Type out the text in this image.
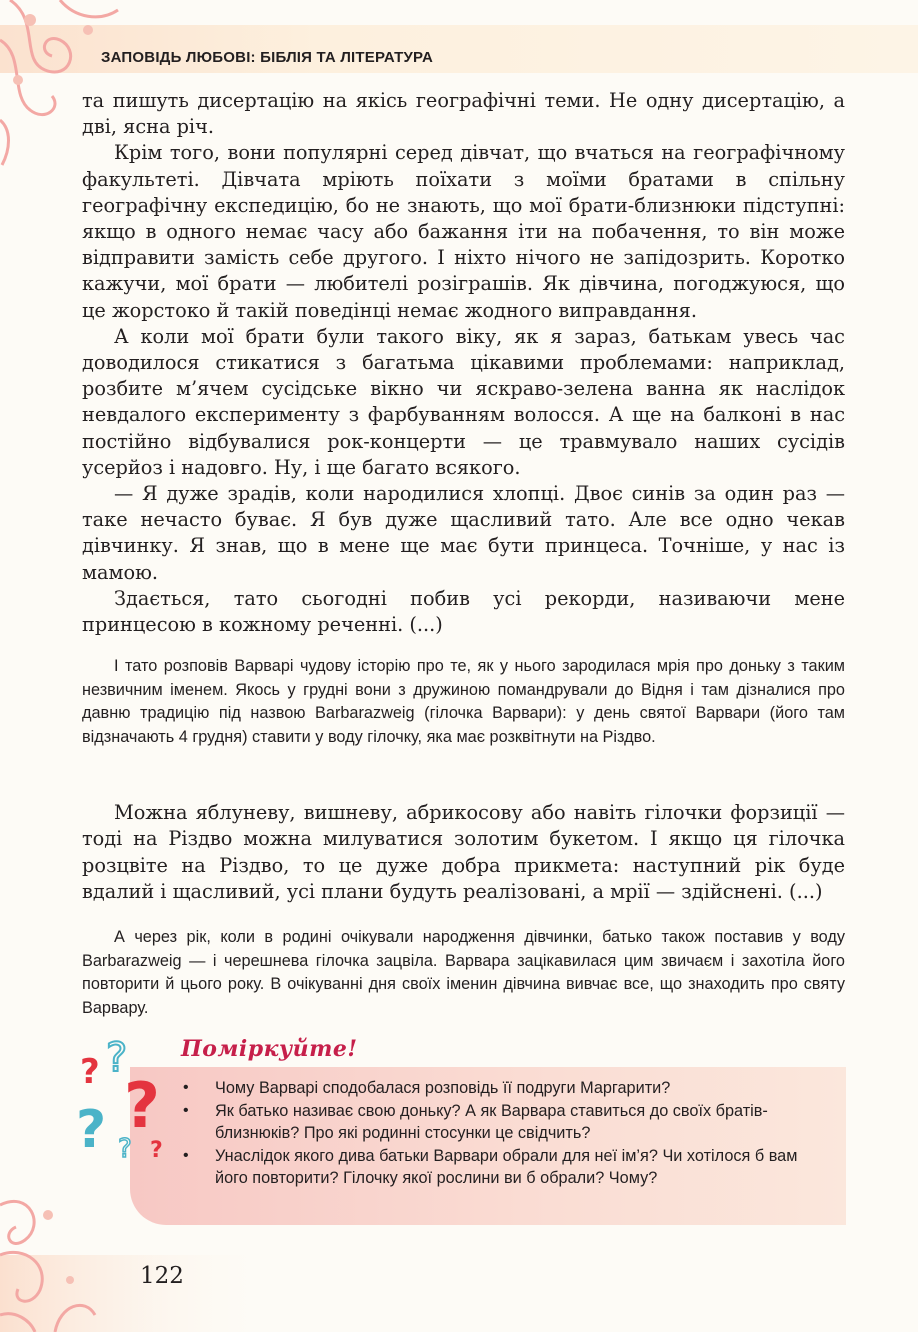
ЗАПОВІДЬ ЛЮБОВІ: БІБЛІЯ ТА ЛІТЕРАТУРА

та пишуть дисертацію на якісь географічні теми. Не одну дисертацію, а дві, ясна річ.

Крім того, вони популярні серед дівчат, що вчаться на географічному факультеті. Дівчата мріють поїхати з моїми братами в спільну географічну експедицію, бо не знають, що мої брати-близнюки підступні: якщо в одного немає часу або бажання іти на побачення, то він може відправити замість себе другого. І ніхто нічого не запідозрить. Коротко кажучи, мої брати — любителі розіграшів. Як дівчина, погоджуюся, що це жорстоко й такій поведінці немає жодного виправдання.

А коли мої брати були такого віку, як я зараз, батькам увесь час доводилося стикатися з багатьма цікавими проблемами: наприклад, розбите м’ячем сусідське вікно чи яскраво-зелена ванна як наслідок невдалого експерименту з фарбуванням волосся. А ще на балконі в нас постійно відбувалися рок-концерти — це травмувало наших сусідів усерйоз і надовго. Ну, і ще багато всякого.

— Я дуже зрадів, коли народилися хлопці. Двоє синів за один раз — таке нечасто буває. Я був дуже щасливий тато. Але все одно чекав дівчинку. Я знав, що в мене ще має бути принцеса. Точніше, у нас із мамою.

Здається, тато сьогодні побив усі рекорди, називаючи мене принцесою в кожному реченні. (...)

І тато розповів Варварі чудову історію про те, як у нього зародилася мрія про доньку з таким незвичним іменем. Якось у грудні вони з дружиною помандрували до Відня і там дізналися про давню традицію під назвою Barbarazweig (гілочка Варвари): у день святої Варвари (його там відзначають 4 грудня) ставити у воду гілочку, яка має розквітнути на Різдво.

Можна яблуневу, вишневу, абрикосову або навіть гілочки форзиції — тоді на Різдво можна милуватися золотим букетом. І якщо ця гілочка розцвіте на Різдво, то це дуже добра прикмета: наступний рік буде вдалий і щасливий, усі плани будуть реалізовані, а мрії — здійснені. (...)

А через рік, коли в родині очікували народження дівчинки, батько також поставив у воду Barbarazweig — і черешнева гілочка зацвіла. Варвара зацікавилася цим звичаєм і захотіла його повторити й цього року. В очікуванні дня своїх іменин дівчина вивчає все, що знаходить про святу Варвару.

? ?
?
? ? ?
Поміркуйте!
• Чому Варварі сподобалася розповідь її подруги Маргарити?
• Як батько називає свою доньку? А як Варвара ставиться до своїх братів-близнюків? Про які родинні стосунки це свідчить?
• Унаслідок якого дива батьки Варвари обрали для неї ім’я? Чи хотілося б вам його повторити? Гілочку якої рослини ви б обрали? Чому?
122
